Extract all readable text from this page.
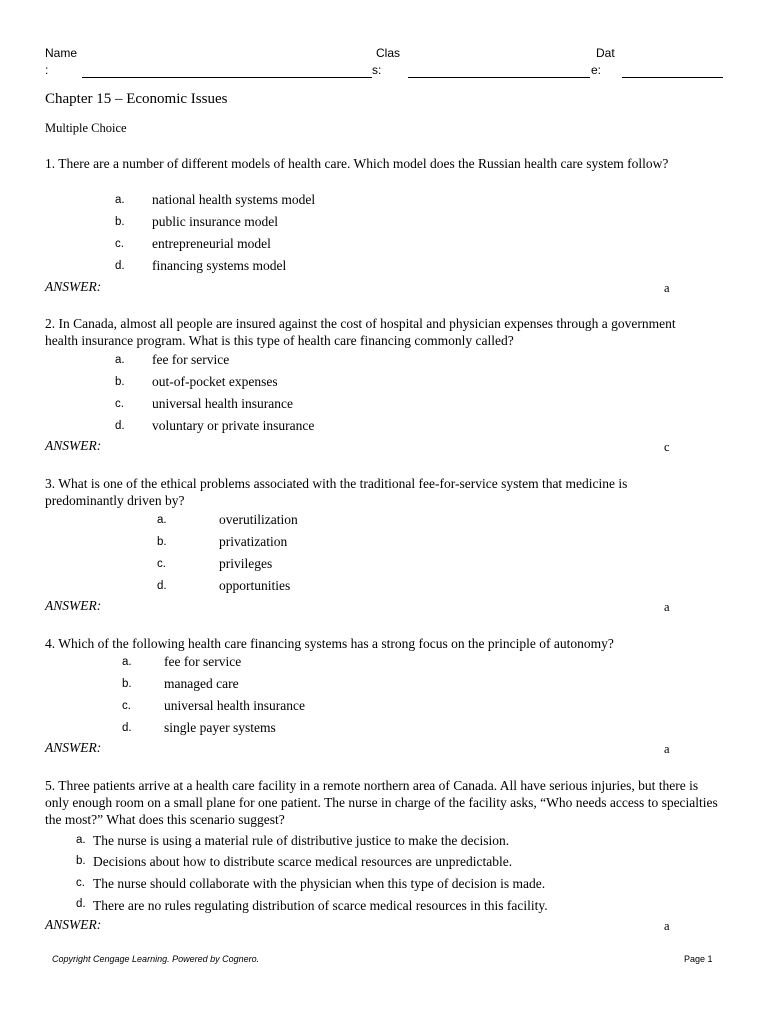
Name
:
Clas
s:
Dat
e:
Chapter 15 – Economic Issues
Multiple Choice
1. There are a number of different models of health care. Which model does the Russian health care system follow?
a. national health systems model
b. public insurance model
c. entrepreneurial model
d. financing systems model
ANSWER:	a
2. In Canada, almost all people are insured against the cost of hospital and physician expenses through a government health insurance program. What is this type of health care financing commonly called?
a. fee for service
b. out-of-pocket expenses
c. universal health insurance
d. voluntary or private insurance
ANSWER:	c
3. What is one of the ethical problems associated with the traditional fee-for-service system that medicine is predominantly driven by?
a.	overutilization
b.	privatization
c.	privileges
d.	opportunities
ANSWER:	a
4. Which of the following health care financing systems has a strong focus on the principle of autonomy?
a. fee for service
b. managed care
c. universal health insurance
d. single payer systems
ANSWER:	a
5. Three patients arrive at a health care facility in a remote northern area of Canada. All have serious injuries, but there is only enough room on a small plane for one patient. The nurse in charge of the facility asks, “Who needs access to specialties the most?” What does this scenario suggest?
a. The nurse is using a material rule of distributive justice to make the decision.
b. Decisions about how to distribute scarce medical resources are unpredictable.
c. The nurse should collaborate with the physician when this type of decision is made.
d. There are no rules regulating distribution of scarce medical resources in this facility.
ANSWER:	a
Copyright Cengage Learning. Powered by Cognero.	Page 1
